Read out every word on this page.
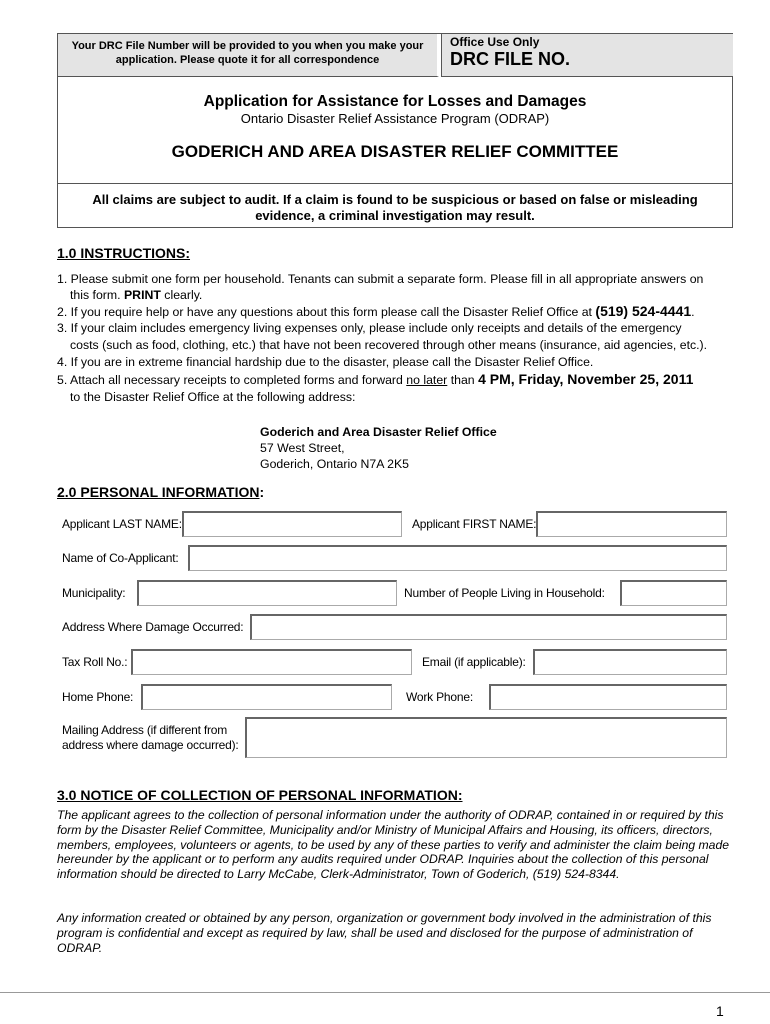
Your DRC File Number will be provided to you when you make your application. Please quote it for all correspondence
Office Use Only
DRC FILE NO.
Application for Assistance for Losses and Damages
Ontario Disaster Relief Assistance Program (ODRAP)
GODERICH AND AREA DISASTER RELIEF COMMITTEE
All claims are subject to audit. If a claim is found to be suspicious or based on false or misleading evidence, a criminal investigation may result.
1.0 INSTRUCTIONS:
1. Please submit one form per household. Tenants can submit a separate form. Please fill in all appropriate answers on
this form. PRINT clearly.
2. If you require help or have any questions about this form please call the Disaster Relief Office at (519) 524-4441.
3. If your claim includes emergency living expenses only, please include only receipts and details of the emergency
costs (such as food, clothing, etc.) that have not been recovered through other means (insurance, aid agencies, etc.).
4. If you are in extreme financial hardship due to the disaster, please call the Disaster Relief Office.
5. Attach all necessary receipts to completed forms and forward no later than 4 PM, Friday, November 25, 2011
to the Disaster Relief Office at the following address:
Goderich and Area Disaster Relief Office
57 West Street,
Goderich, Ontario N7A 2K5
2.0 PERSONAL INFORMATION:
Applicant LAST NAME:	Applicant FIRST NAME:
Name of Co-Applicant:
Municipality:	Number of People Living in Household:
Address Where Damage Occurred:
Tax Roll No.:	Email (if applicable):
Home Phone:	Work Phone:
Mailing Address (if different from
address where damage occurred):
3.0 NOTICE OF COLLECTION OF PERSONAL INFORMATION:
The applicant agrees to the collection of personal information under the authority of ODRAP, contained in or required by this form by the Disaster Relief Committee, Municipality and/or Ministry of Municipal Affairs and Housing, its officers, directors, members, employees, volunteers or agents, to be used by any of these parties to verify and administer the claim being made hereunder by the applicant or to perform any audits required under ODRAP. Inquiries about the collection of this personal information should be directed to Larry McCabe, Clerk-Administrator, Town of Goderich, (519) 524-8344.
Any information created or obtained by any person, organization or government body involved in the administration of this program is confidential and except as required by law, shall be used and disclosed for the purpose of administration of ODRAP.
1
